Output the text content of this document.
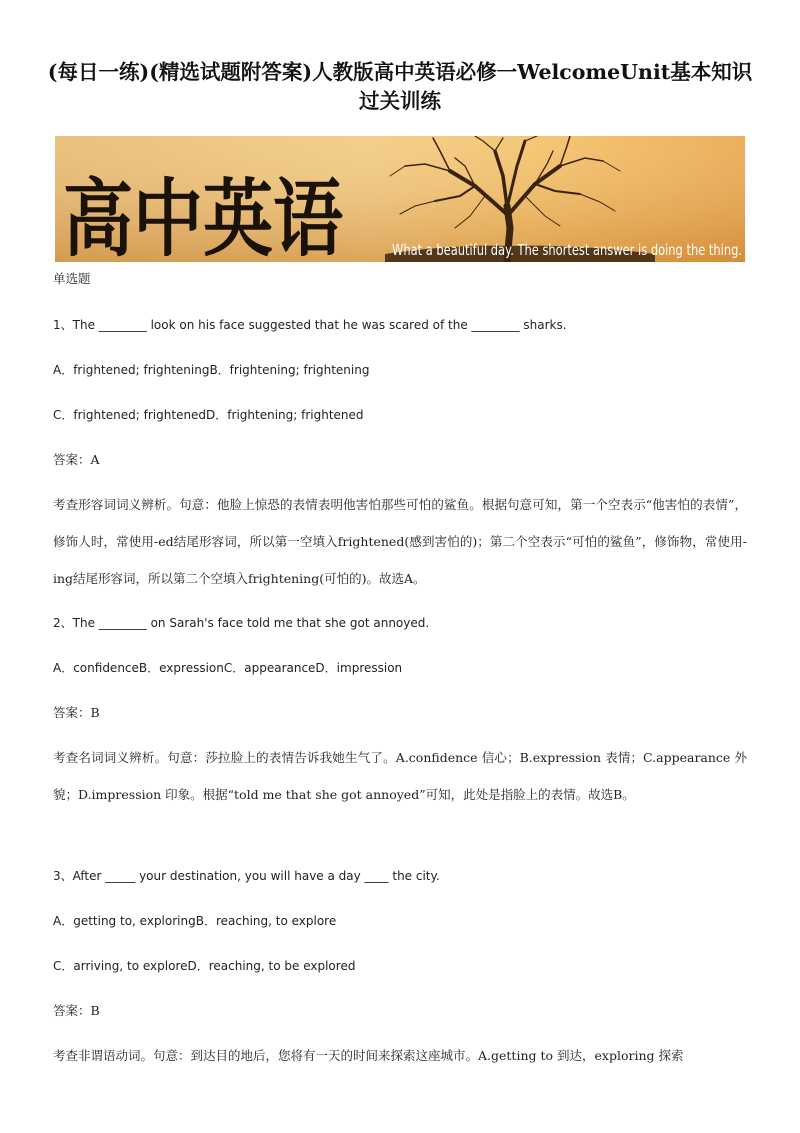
(每日一练)(精选试题附答案)人教版高中英语必修一WelcomeUnit基本知识过关训练
高中英语	What a beautiful day. The shortest answer is doing the thing.
单选题
1、The ________ look on his face suggested that he was scared of the ________ sharks.
A．frightened; frighteningB．frightening; frightening
C．frightened; frightenedD．frightening; frightened
答案：A
考查形容词词义辨析。句意：他脸上惊恐的表情表明他害怕那些可怕的鲨鱼。根据句意可知，第一个空表示“他害怕的表情”，修饰人时，常使用-ed结尾形容词，所以第一空填入frightened(感到害怕的)；第二个空表示“可怕的鲨鱼”，修饰物，常使用-ing结尾形容词，所以第二个空填入frightening(可怕的)。故选A。
2、The ________ on Sarah's face told me that she got annoyed.
A．confidenceB．expressionC．appearanceD．impression
答案：B
考查名词词义辨析。句意：莎拉脸上的表情告诉我她生气了。A.confidence 信心；B.expression 表情；C.appearance 外貌；D.impression 印象。根据“told me that she got annoyed”可知，此处是指脸上的表情。故选B。
3、After _____ your destination, you will have a day ____ the city.
A．getting to, exploringB．reaching, to explore
C．arriving, to exploreD．reaching, to be explored
答案：B
考查非谓语动词。句意：到达目的地后，您将有一天的时间来探索这座城市。A.getting to 到达，exploring 探索
